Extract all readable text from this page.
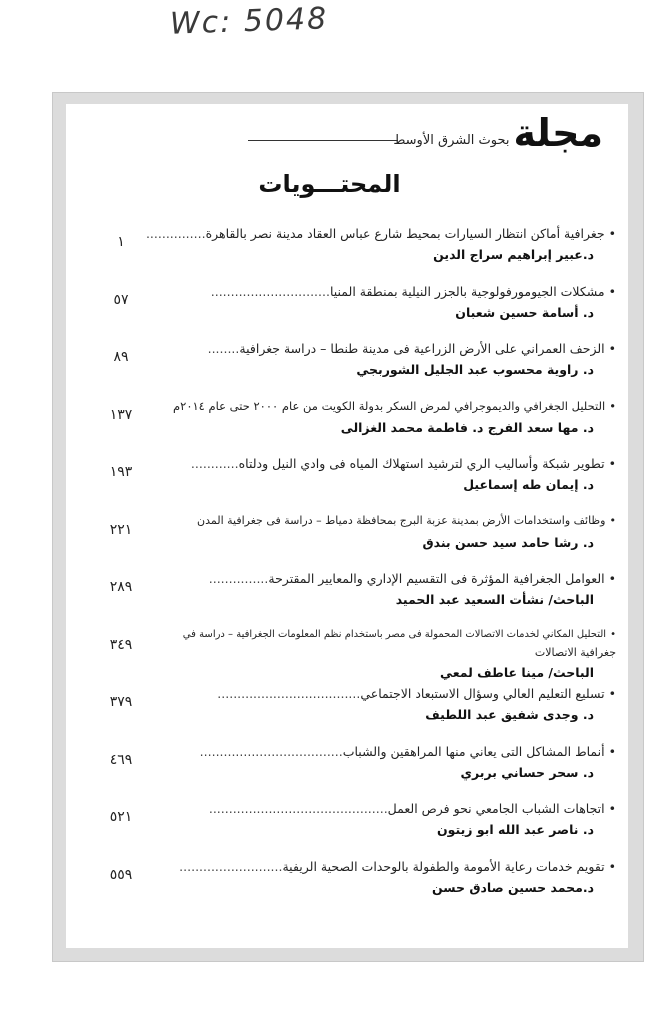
Wc: 5048
مجلة
بحوث الشرق الأوسط
المحتـــويات
•جغرافية أماكن انتظار السيارات بمحيط شارع عباس العقاد مدينة نصر بالقاهرة...............
د.عبير إبراهيم سراج الدين
١
•مشكلات الجيومورفولوجية بالجزر النيلية بمنطقة المنيا..............................
د. أسامة حسين شعبان
٥٧
•الزحف العمراني على الأرض الزراعية فى مدينة طنطا – دراسة جغرافية........
د. راوية محسوب عبد الجليل الشوربجي
٨٩
•التحليل الجغرافي والديموجرافي لمرض السكر بدولة الكويت من عام ٢٠٠٠ حتى عام ٢٠١٤م
د. مها سعد الفرج د. فاطمة محمد الغزالى
١٣٧
•تطوير شبكة وأساليب الري لترشيد استهلاك المياه فى وادي النيل ودلتاه............
د. إيمان طه إسماعيل
١٩٣
•وظائف واستخدامات الأرض بمدينة عزبة البرج بمحافظة دمياط – دراسة فى جغرافية المدن
د. رشا حامد سيد حسن بندق
٢٢١
•العوامل الجغرافية المؤثرة فى التقسيم الإداري والمعايير المقترحة...............
الباحث/ نشأت السعيد عبد الحميد
٢٨٩
•التحليل المكاني لخدمات الاتصالات المحمولة فى مصر باستخدام نظم المعلومات الجغرافية – دراسة في
جغرافية الاتصالات
الباحث/ مينا عاطف لمعي
٣٤٩
•تسليع التعليم العالي وسؤال الاستبعاد الاجتماعي....................................
د. وجدى شفيق عبد اللطيف
٣٧٩
•أنماط المشاكل التى يعاني منها المراهقين والشباب....................................
د. سحر حساني بربري
٤٦٩
•اتجاهات الشباب الجامعي نحو فرص العمل.............................................
د. ناصر عبد الله ابو زيتون
٥٢١
•تقويم خدمات رعاية الأمومة والطفولة بالوحدات الصحية الريفية..........................
د.محمد حسين صادق حسن
٥٥٩
